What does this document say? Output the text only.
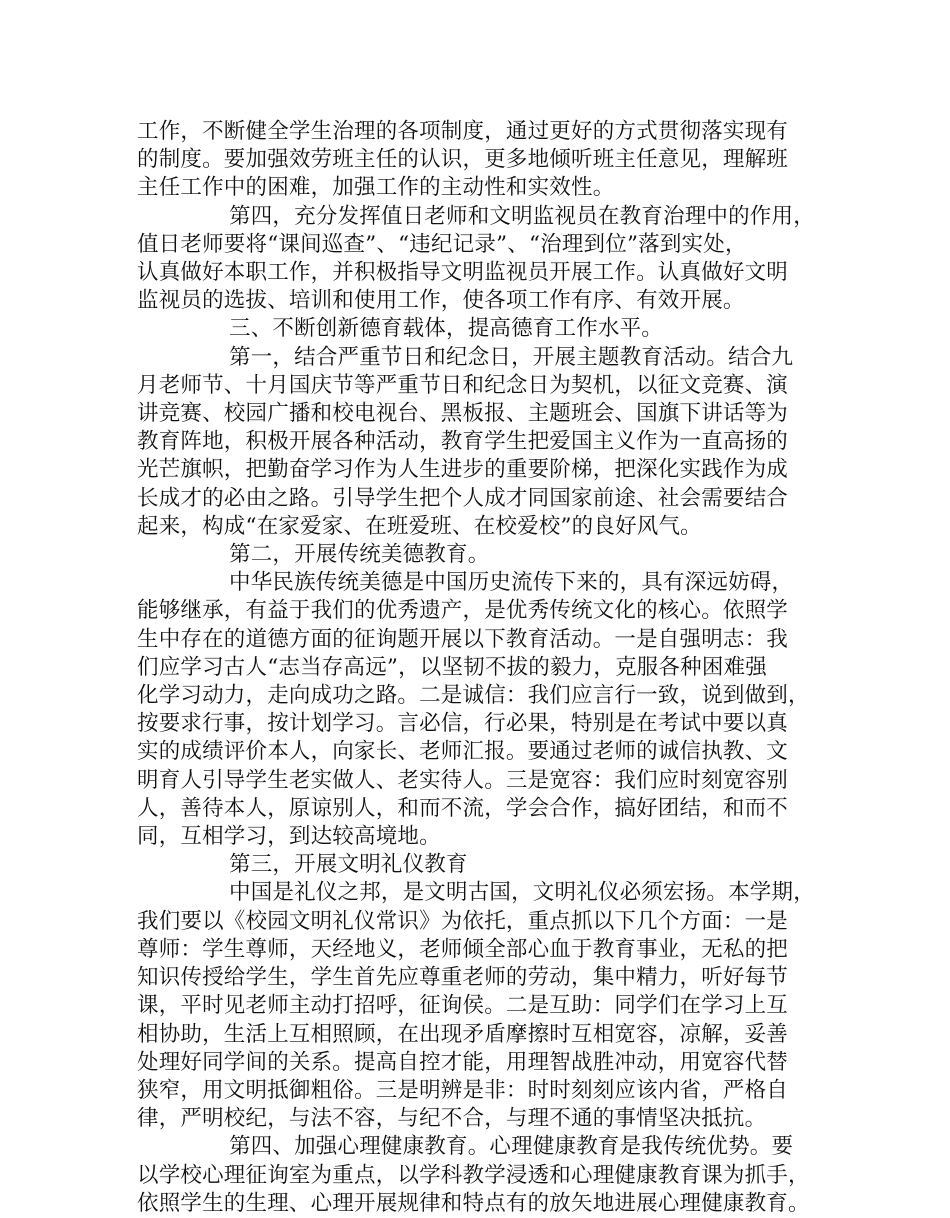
工作，不断健全学生治理的各项制度，通过更好的方式贯彻落实现有
的制度。要加强效劳班主任的认识，更多地倾听班主任意见，理解班
主任工作中的困难，加强工作的主动性和实效性。
第四，充分发挥值日老师和文明监视员在教育治理中的作用，
值日老师要将“课间巡查”、“违纪记录”、“治理到位”落到实处，
认真做好本职工作，并积极指导文明监视员开展工作。认真做好文明
监视员的选拔、培训和使用工作，使各项工作有序、有效开展。
三、不断创新德育载体，提高德育工作水平。
第一，结合严重节日和纪念日，开展主题教育活动。结合九
月老师节、十月国庆节等严重节日和纪念日为契机，以征文竞赛、演
讲竞赛、校园广播和校电视台、黑板报、主题班会、国旗下讲话等为
教育阵地，积极开展各种活动，教育学生把爱国主义作为一直高扬的
光芒旗帜，把勤奋学习作为人生进步的重要阶梯，把深化实践作为成
长成才的必由之路。引导学生把个人成才同国家前途、社会需要结合
起来，构成“在家爱家、在班爱班、在校爱校”的良好风气。
第二，开展传统美德教育。
中华民族传统美德是中国历史流传下来的，具有深远妨碍，
能够继承，有益于我们的优秀遗产，是优秀传统文化的核心。依照学
生中存在的道德方面的征询题开展以下教育活动。一是自强明志：我
们应学习古人“志当存高远”，以坚韧不拔的毅力，克服各种困难强
化学习动力，走向成功之路。二是诚信：我们应言行一致，说到做到，
按要求行事，按计划学习。言必信，行必果，特别是在考试中要以真
实的成绩评价本人，向家长、老师汇报。要通过老师的诚信执教、文
明育人引导学生老实做人、老实待人。三是宽容：我们应时刻宽容别
人，善待本人，原谅别人，和而不流，学会合作，搞好团结，和而不
同，互相学习，到达较高境地。
第三，开展文明礼仪教育
中国是礼仪之邦，是文明古国，文明礼仪必须宏扬。本学期，
我们要以《校园文明礼仪常识》为依托，重点抓以下几个方面：一是
尊师：学生尊师，天经地义，老师倾全部心血于教育事业，无私的把
知识传授给学生，学生首先应尊重老师的劳动，集中精力，听好每节
课，平时见老师主动打招呼，征询侯。二是互助：同学们在学习上互
相协助，生活上互相照顾，在出现矛盾摩擦时互相宽容，凉解，妥善
处理好同学间的关系。提高自控才能，用理智战胜冲动，用宽容代替
狭窄，用文明抵御粗俗。三是明辨是非：时时刻刻应该内省，严格自
律，严明校纪，与法不容，与纪不合，与理不通的事情坚决抵抗。
第四、加强心理健康教育。心理健康教育是我传统优势。要
以学校心理征询室为重点，以学科教学浸透和心理健康教育课为抓手，
依照学生的生理、心理开展规律和特点有的放矢地进展心理健康教育。
